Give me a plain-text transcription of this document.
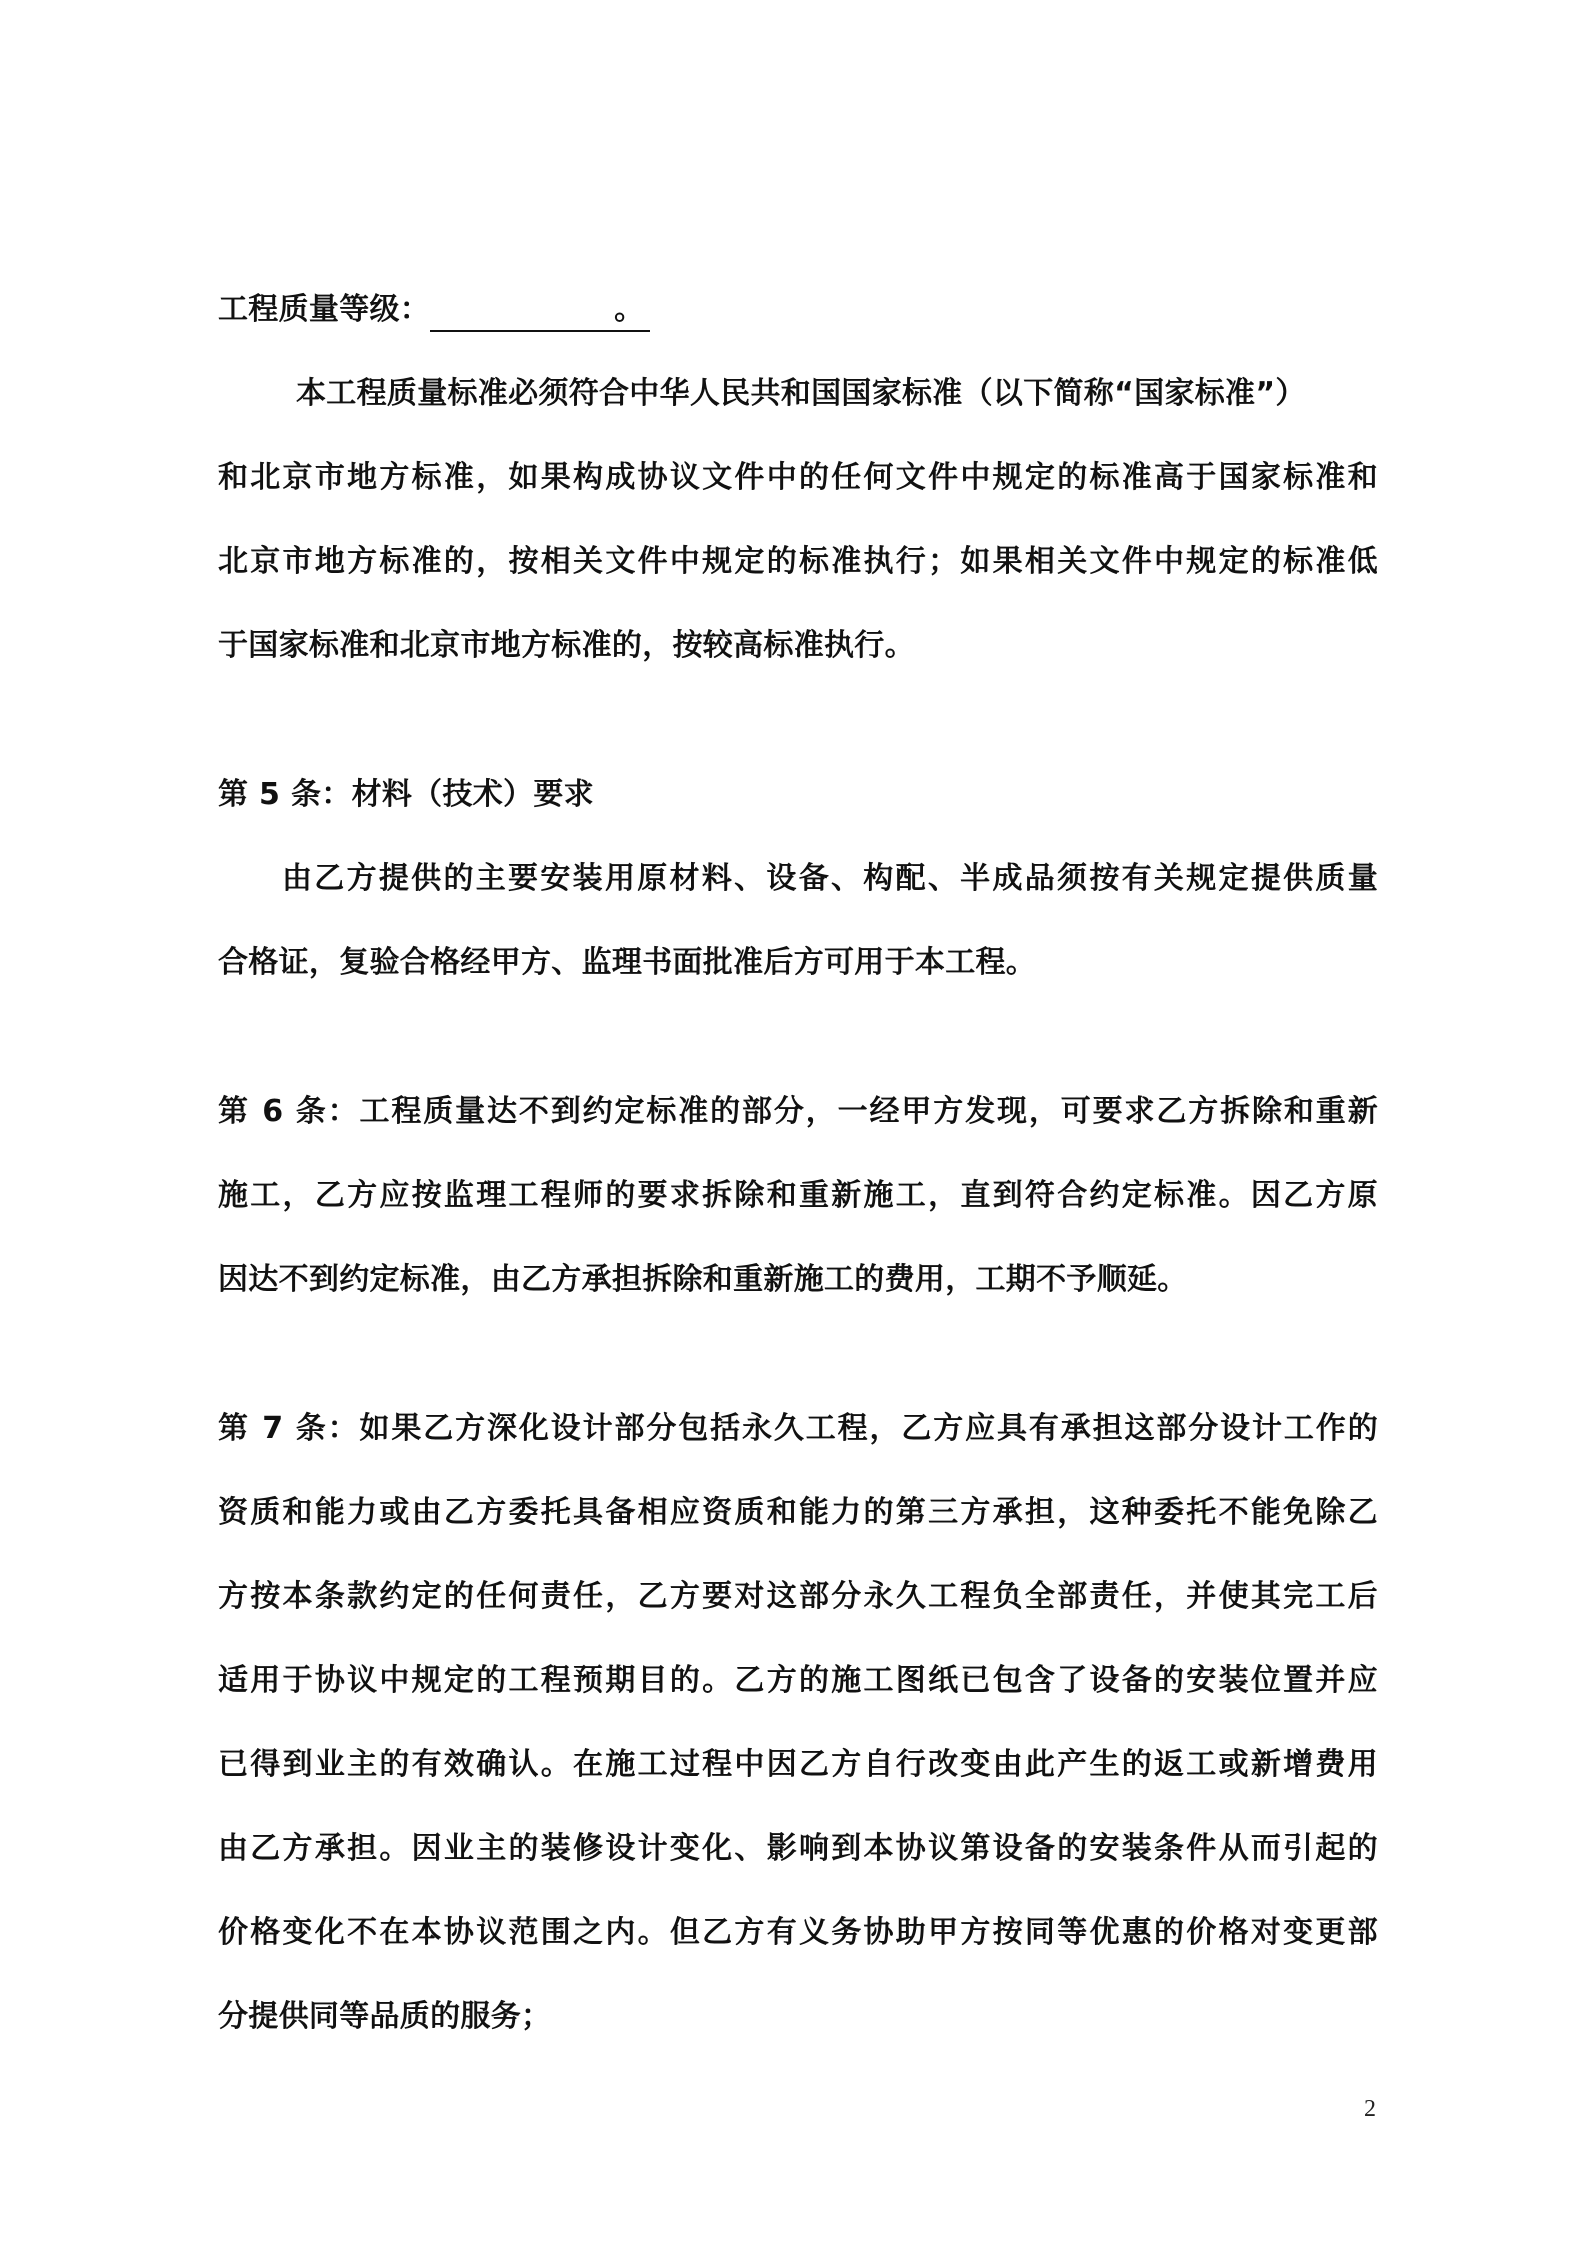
工程质量等级：	。
本工程质量标准必须符合中华人民共和国国家标准（以下简称“国家标准”）
和北京市地方标准，如果构成协议文件中的任何文件中规定的标准高于国家标准和
北京市地方标准的，按相关文件中规定的标准执行；如果相关文件中规定的标准低
于国家标准和北京市地方标准的，按较高标准执行。
第 5 条：材料（技术）要求
由乙方提供的主要安装用原材料、设备、构配、半成品须按有关规定提供质量
合格证，复验合格经甲方、监理书面批准后方可用于本工程。
第 6 条：工程质量达不到约定标准的部分，一经甲方发现，可要求乙方拆除和重新
施工，乙方应按监理工程师的要求拆除和重新施工，直到符合约定标准。因乙方原
因达不到约定标准，由乙方承担拆除和重新施工的费用，工期不予顺延。
第 7 条：如果乙方深化设计部分包括永久工程，乙方应具有承担这部分设计工作的
资质和能力或由乙方委托具备相应资质和能力的第三方承担，这种委托不能免除乙
方按本条款约定的任何责任，乙方要对这部分永久工程负全部责任，并使其完工后
适用于协议中规定的工程预期目的。乙方的施工图纸已包含了设备的安装位置并应
已得到业主的有效确认。在施工过程中因乙方自行改变由此产生的返工或新增费用
由乙方承担。因业主的装修设计变化、影响到本协议第设备的安装条件从而引起的
价格变化不在本协议范围之内。但乙方有义务协助甲方按同等优惠的价格对变更部
分提供同等品质的服务；
2
